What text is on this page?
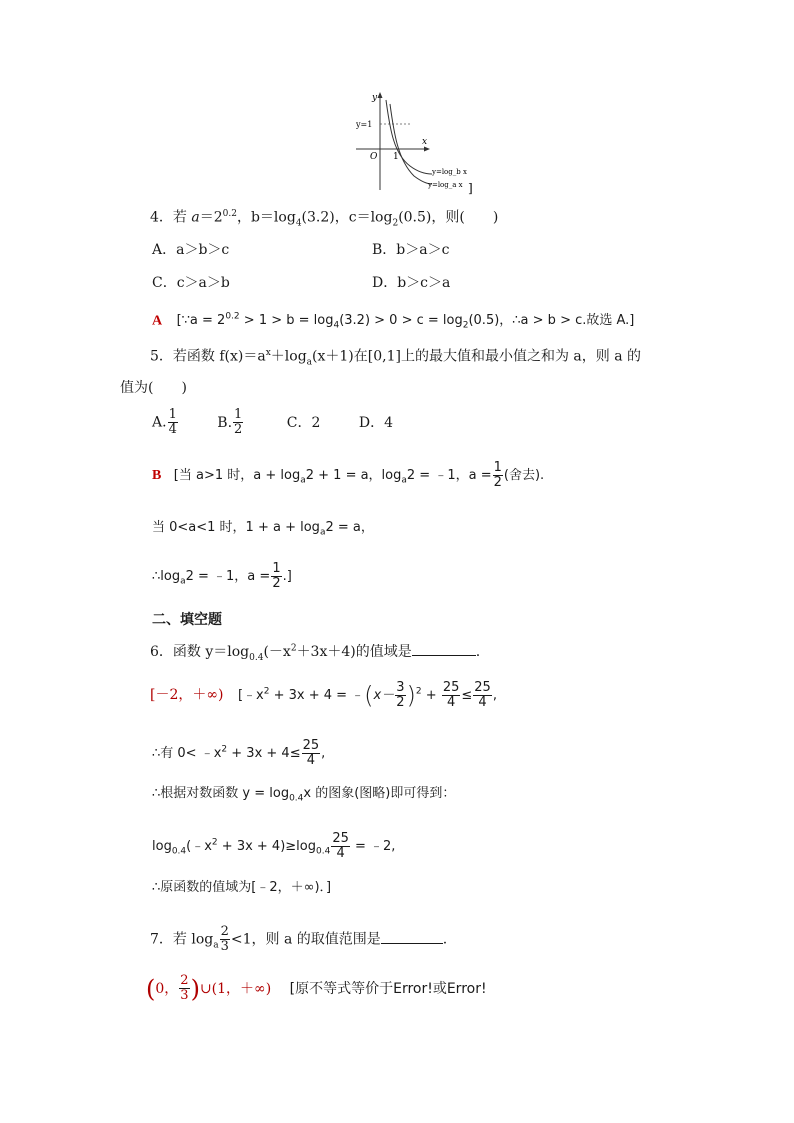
y
x
y=1
O 1
y=log_b x
y=log_a x ]
4．若 $a=2^{0.2}$，$b=\log_4(3.2)$，$c=\log_2(0.5)$，则(　　)
A．a＞b＞c	B．b＞a＞c
C．c＞a＞b	D．b＞c＞a
A [∵a = $2^{0.2} > 1 > b = \log_4(3.2) > 0 > c = \log_2(0.5)$，∴a > b > c.故选 A.]
5．若函数 $f(x)=a^x+\log_a(x+1)$在[0,1]上的最大值和最小值之和为 a，则 a 的
值为(　　)
A. $\frac{1}{4}$	B. $\frac{1}{2}$	C．2	D．4
B [当 a>1 时，$a + \log_a2 + 1 = a$，$\log_a2$ = ﹣1，$a = \frac{1}{2}$ (舍去).
当 0<a<1 时，$1 + a + \log_a2 = a$，
$\therefore\log_a2$ = ﹣1，$a = \frac{1}{2}$ .]
二、填空题
6．函数 $y=\log_{0.4}(-x^2+3x+4)$的值域是	.
[－2，＋∞) [$﹣x^2 + 3x + 4$ = ﹣(x－ $\frac{3}{2} )^2 + \frac{25}{4} \le \frac{25}{4}$ ,
∴有 $0< ﹣x^2 + 3x + 4\le \frac{25}{4}$ ,
∴根据对数函数 $y = \log_{0.4}x$ 的图象(图略)即可得到：
$\log_{0.4}(﹣x^2 + 3x + 4)\ge\log_{0.4} \frac{25}{4}$ = ﹣2,
∴原函数的值域为[﹣2，＋∞)．]
7．若 $\log_a \frac{2}{3} <1$，则 a 的取值范围是	.
(0， $\frac{2}{3}$ )∪(1，＋∞) [原不等式等价于Error!或Error!
